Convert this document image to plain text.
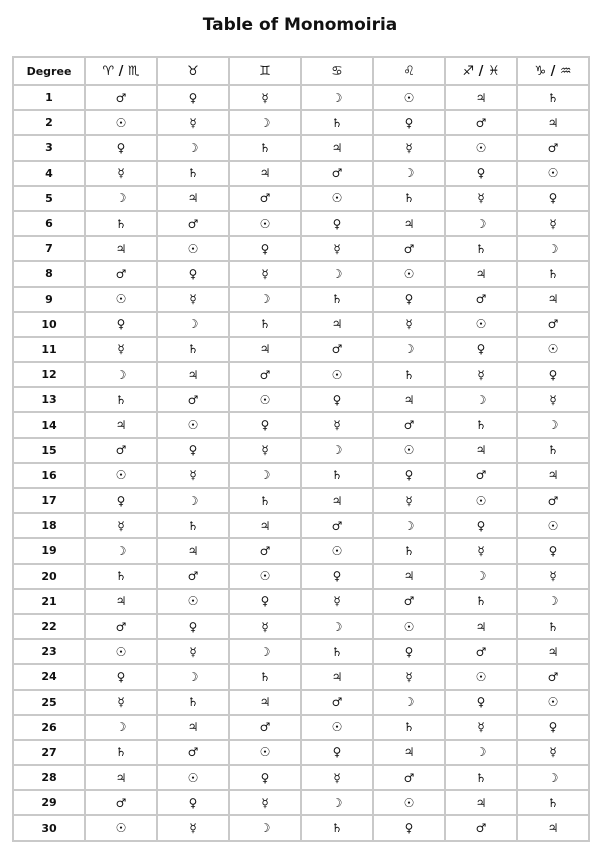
Table of Monomoiria
Degree	♈ / ♏	♉	♊	♋	♌	♐ / ♓	♑ / ♒
1	♂	♀	☿	☽	☉	♃	♄
2	☉	☿	☽	♄	♀	♂	♃
3	♀	☽	♄	♃	☿	☉	♂
4	☿	♄	♃	♂	☽	♀	☉
5	☽	♃	♂	☉	♄	☿	♀
6	♄	♂	☉	♀	♃	☽	☿
7	♃	☉	♀	☿	♂	♄	☽
8	♂	♀	☿	☽	☉	♃	♄
9	☉	☿	☽	♄	♀	♂	♃
10	♀	☽	♄	♃	☿	☉	♂
11	☿	♄	♃	♂	☽	♀	☉
12	☽	♃	♂	☉	♄	☿	♀
13	♄	♂	☉	♀	♃	☽	☿
14	♃	☉	♀	☿	♂	♄	☽
15	♂	♀	☿	☽	☉	♃	♄
16	☉	☿	☽	♄	♀	♂	♃
17	♀	☽	♄	♃	☿	☉	♂
18	☿	♄	♃	♂	☽	♀	☉
19	☽	♃	♂	☉	♄	☿	♀
20	♄	♂	☉	♀	♃	☽	☿
21	♃	☉	♀	☿	♂	♄	☽
22	♂	♀	☿	☽	☉	♃	♄
23	☉	☿	☽	♄	♀	♂	♃
24	♀	☽	♄	♃	☿	☉	♂
25	☿	♄	♃	♂	☽	♀	☉
26	☽	♃	♂	☉	♄	☿	♀
27	♄	♂	☉	♀	♃	☽	☿
28	♃	☉	♀	☿	♂	♄	☽
29	♂	♀	☿	☽	☉	♃	♄
30	☉	☿	☽	♄	♀	♂	♃
